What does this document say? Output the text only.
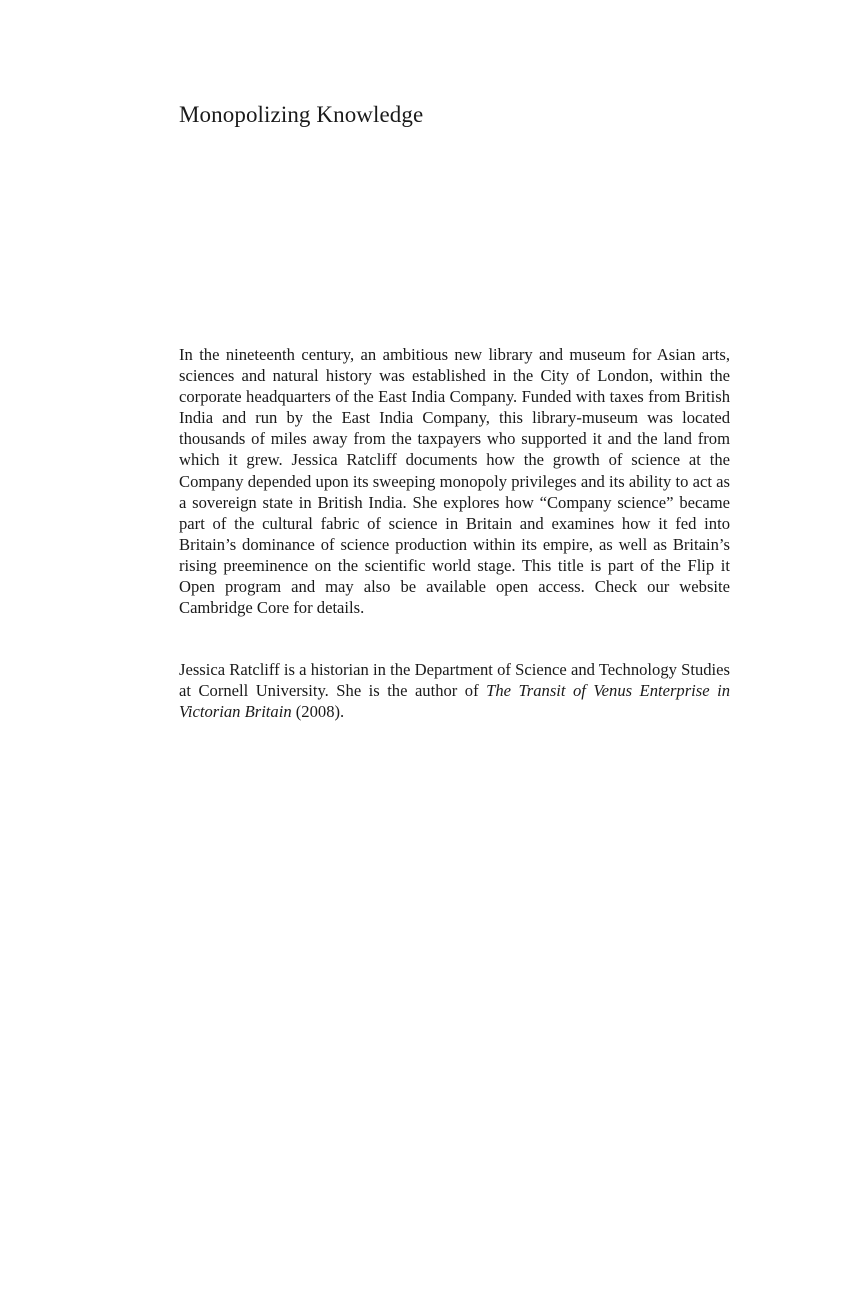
Monopolizing Knowledge

In the nineteenth century, an ambitious new library and museum for Asian arts, sciences and natural history was established in the City of London, within the corporate headquarters of the East India Company. Funded with taxes from British India and run by the East India Company, this library-museum was located thousands of miles away from the taxpayers who supported it and the land from which it grew. Jessica Ratcliff documents how the growth of science at the Company depended upon its sweeping monopoly privileges and its ability to act as a sovereign state in British India. She explores how “Company science” became part of the cultural fabric of science in Britain and examines how it fed into Britain’s dominance of science production within its empire, as well as Britain’s rising preeminence on the scientific world stage. This title is part of the Flip it Open program and may also be available open access. Check our website Cambridge Core for details.

Jessica Ratcliff is a historian in the Department of Science and Technology Studies at Cornell University. She is the author of The Transit of Venus Enterprise in Victorian Britain (2008).
